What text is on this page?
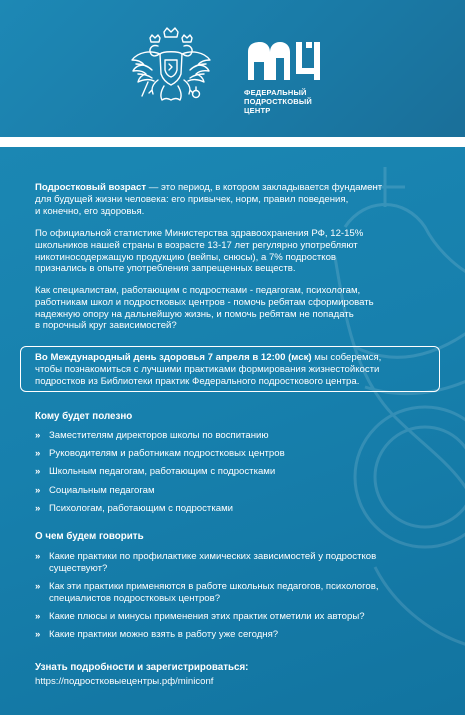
ФЕДЕРАЛЬНЫЙ
ПОДРОСТКОВЫЙ
ЦЕНТР
Подростковый возраст — это период, в котором закладывается фундамент
для будущей жизни человека: его привычек, норм, правил поведения,
и конечно, его здоровья.
По официальной статистике Министерства здравоохранения РФ, 12-15%
школьников нашей страны в возрасте 13-17 лет регулярно употребляют
никотиносодержащую продукцию (вейпы, снюсы), а 7% подростков
признались в опыте употребления запрещенных веществ.
Как специалистам, работающим с подростками - педагогам, психологам,
работникам школ и подростковых центров - помочь ребятам сформировать
надежную опору на дальнейшую жизнь, и помочь ребятам не попадать
в порочный круг зависимостей?
Во Международный день здоровья 7 апреля в 12:00 (мск) мы соберемся,
чтобы познакомиться с лучшими практиками формирования жизнестойкости
подростков из Библиотеки практик Федерального подросткового центра.
Кому будет полезно
» Заместителям директоров школы по воспитанию
» Руководителям и работникам подростковых центров
» Школьным педагогам, работающим с подростками
» Социальным педагогам
» Психологам, работающим с подростками
О чем будем говорить
» Какие практики по профилактике химических зависимостей у подростков
существуют?
» Как эти практики применяются в работе школьных педагогов, психологов,
специалистов подростковых центров?
» Какие плюсы и минусы применения этих практик отметили их авторы?
» Какие практики можно взять в работу уже сегодня?
Узнать подробности и зарегистрироваться:
https://подростковыецентры.рф/miniconf
